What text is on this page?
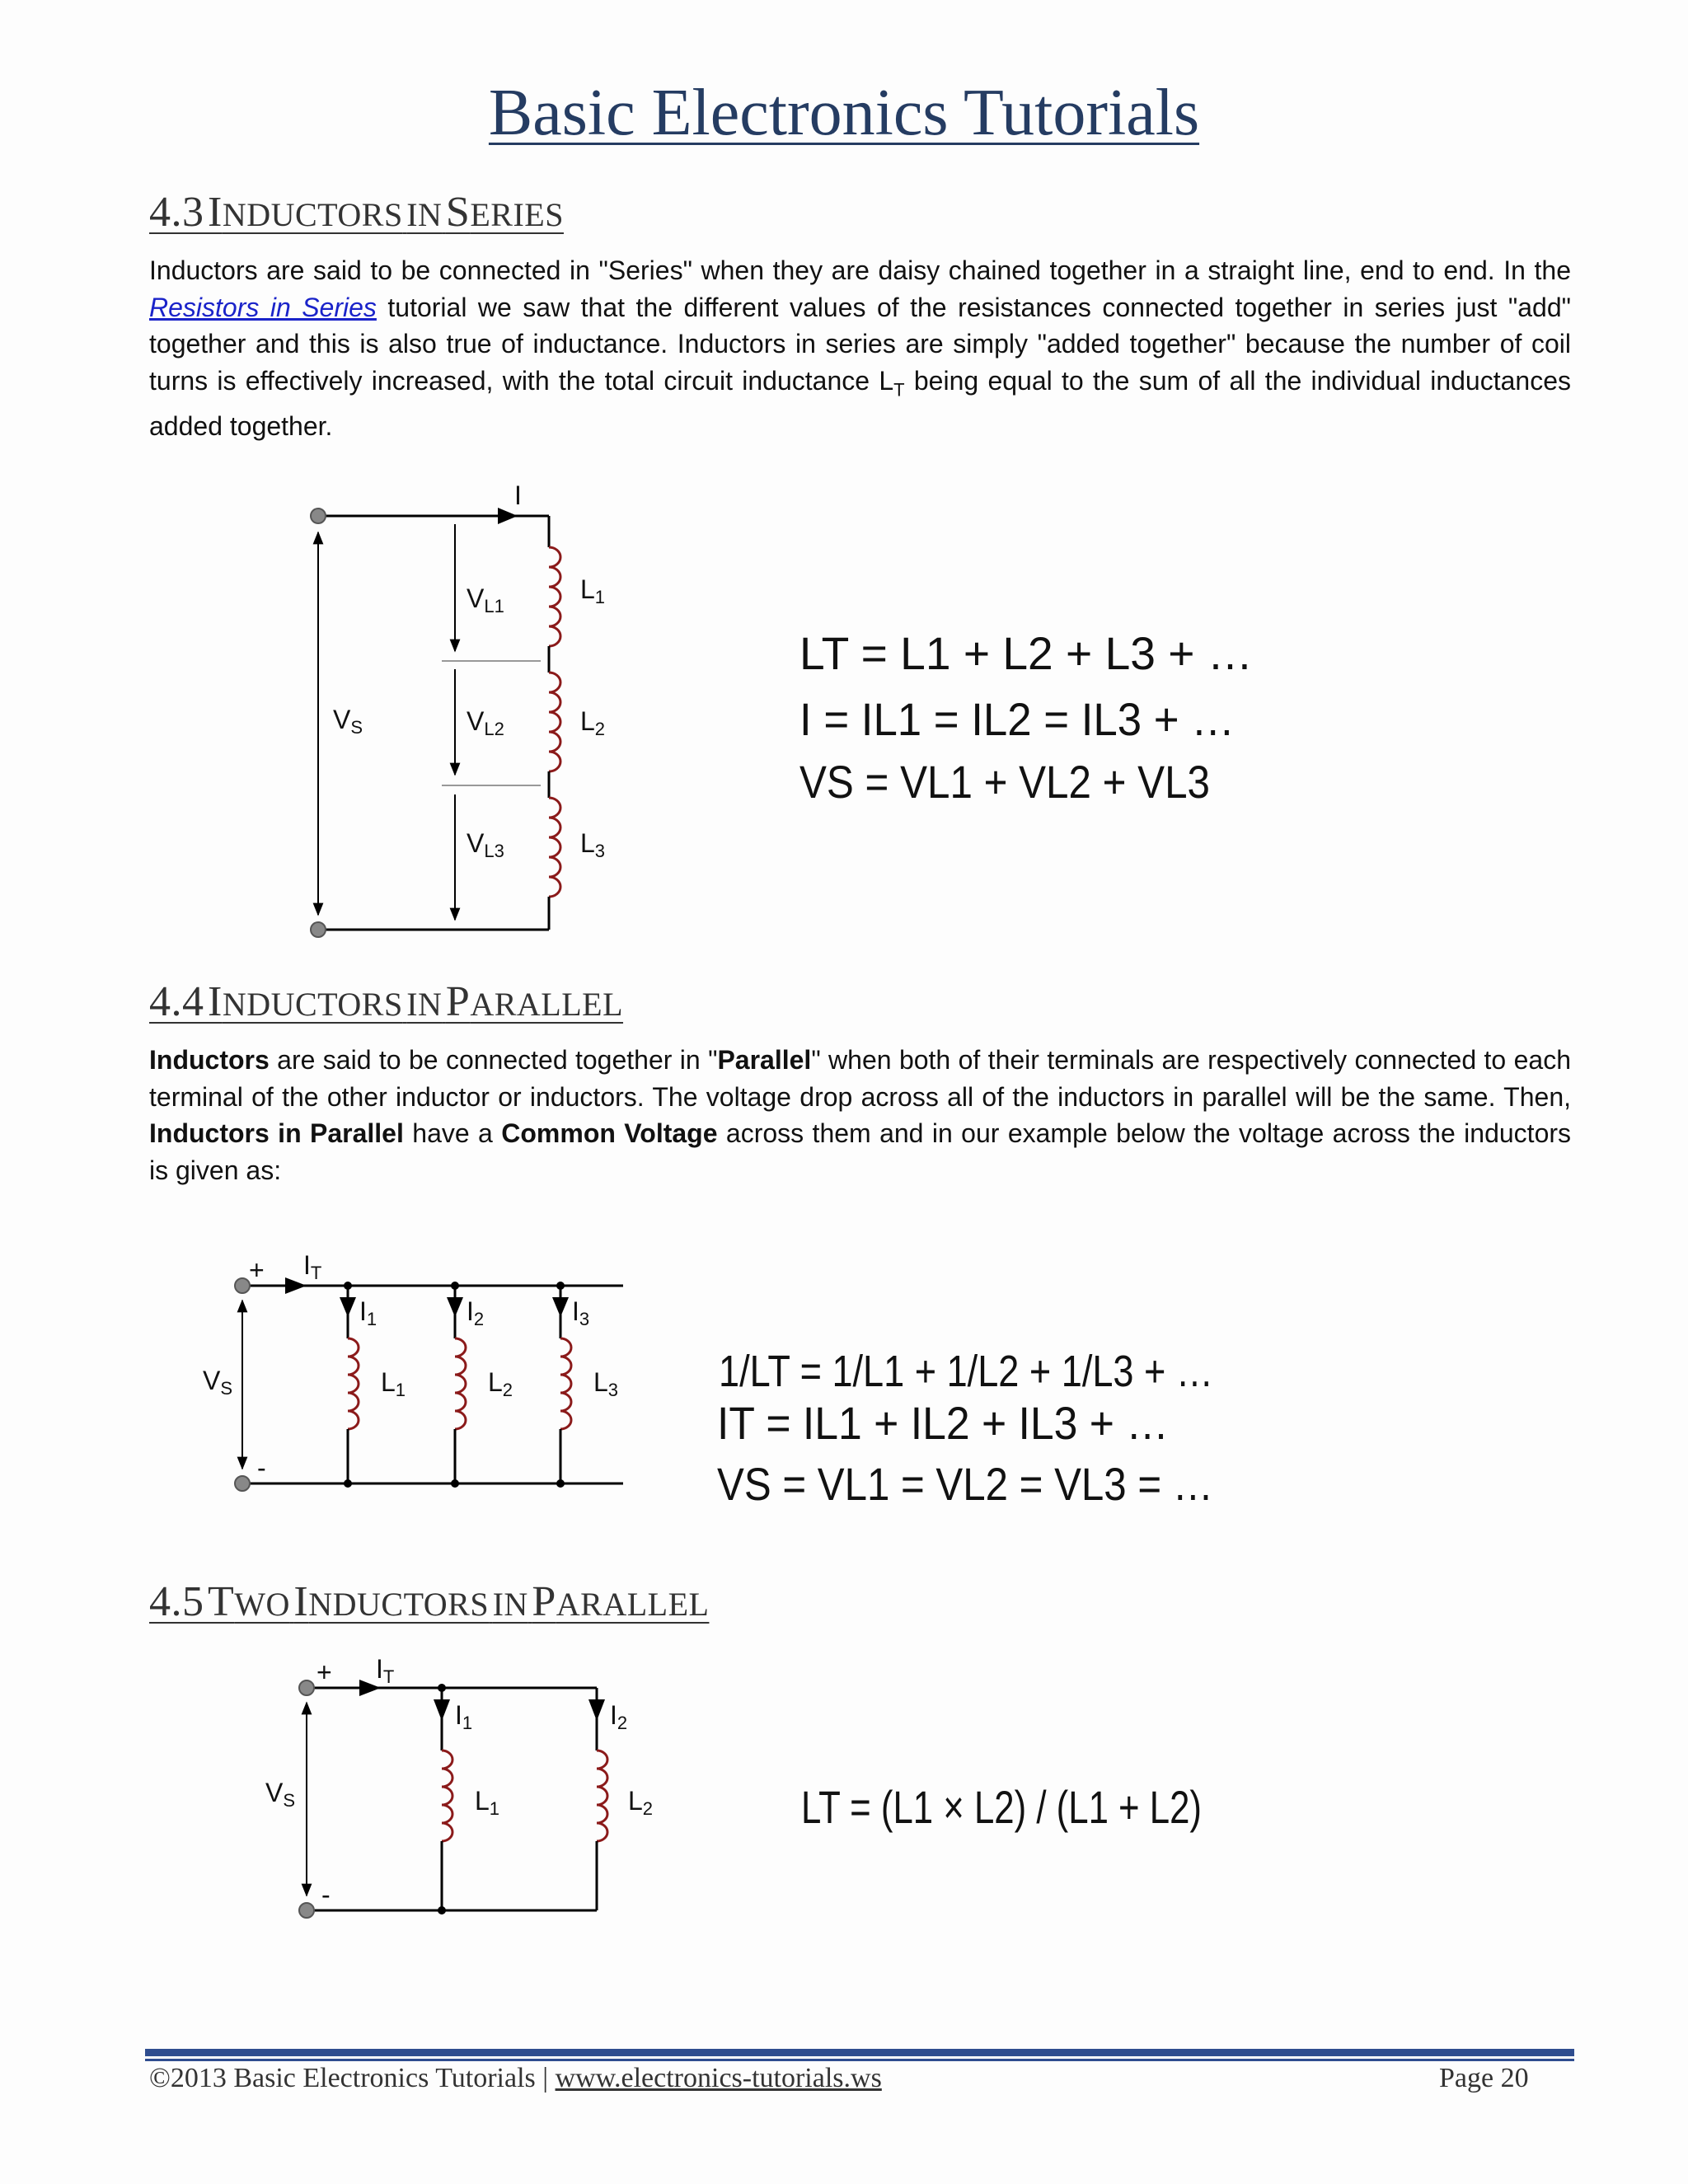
Basic Electronics Tutorials
4.3 INDUCTORS IN SERIES
Inductors are said to be connected in "Series" when they are daisy chained together in a straight line, end to end. In the Resistors in Series tutorial we saw that the different values of the resistances connected together in series just "add" together and this is also true of inductance. Inductors in series are simply "added together" because the number of coil turns is effectively increased, with the total circuit inductance $L_T$ being equal to the sum of all the individual inductances added together.
I
VS
VL1
VL2
VL3
L1
L2
L3
LT = L1 + L2 + L3 + …
I = IL1 = IL2 = IL3 + …
VS = VL1 + VL2 + VL3
4.4 INDUCTORS IN PARALLEL
Inductors are said to be connected together in "Parallel" when both of their terminals are respectively connected to each terminal of the other inductor or inductors. The voltage drop across all of the inductors in parallel will be the same. Then, Inductors in Parallel have a Common Voltage across them and in our example below the voltage across the inductors is given as:
+
-
IT
VS
I1	I2	I3
L1	L2	L3 1/LT = 1/L1 + 1/L2 + 1/L3 + …
IT = IL1 + IL2 + IL3 + …
VS = VL1 = VL2 = VL3 = …
4.5 TWO INDUCTORS IN PARALLEL
+
-
IT
VS
I1	I2
L1	L2	LT = (L1 × L2) / (L1 + L2)
©2013 Basic Electronics Tutorials | www.electronics-tutorials.ws	Page 20
